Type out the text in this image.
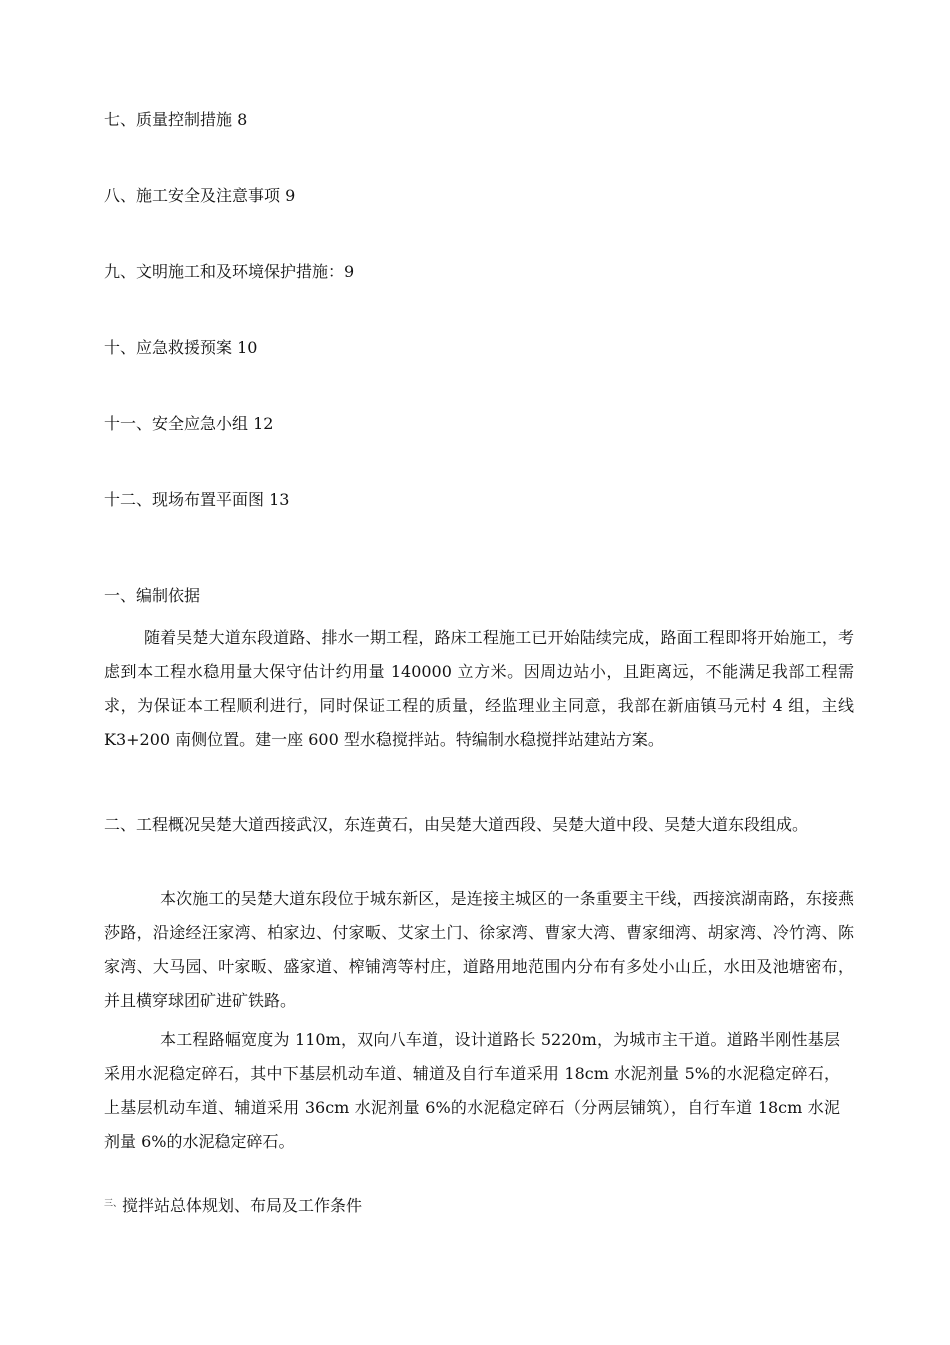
七、质量控制措施 8
八、施工安全及注意事项 9
九、文明施工和及环境保护措施：9
十、应急救援预案 10
十一、安全应急小组 12
十二、现场布置平面图 13
一、编制依据
随着吴楚大道东段道路、排水一期工程，路床工程施工已开始陆续完成，路面工程即将开始施工，考虑到本工程水稳用量大保守估计约用量 140000 立方米。因周边站小，且距离远，不能满足我部工程需求，为保证本工程顺利进行，同时保证工程的质量，经监理业主同意，我部在新庙镇马元村 4 组，主线 K3+200 南侧位置。建一座 600 型水稳搅拌站。特编制水稳搅拌站建站方案。
二、工程概况吴楚大道西接武汉，东连黄石，由吴楚大道西段、吴楚大道中段、吴楚大道东段组成。
本次施工的吴楚大道东段位于城东新区，是连接主城区的一条重要主干线，西接滨湖南路，东接燕莎路，沿途经汪家湾、柏家边、付家畈、艾家土门、徐家湾、曹家大湾、曹家细湾、胡家湾、冷竹湾、陈家湾、大马园、叶家畈、盛家道、榨铺湾等村庄，道路用地范围内分布有多处小山丘，水田及池塘密布，并且横穿球团矿进矿铁路。
本工程路幅宽度为 110m，双向八车道，设计道路长 5220m，为城市主干道。道路半刚性基层采用水泥稳定碎石，其中下基层机动车道、辅道及自行车道采用 18cm 水泥剂量 5%的水泥稳定碎石，上基层机动车道、辅道采用 36cm 水泥剂量 6%的水泥稳定碎石（分两层铺筑），自行车道 18cm 水泥剂量 6%的水泥稳定碎石。
$^{三、}$搅拌站总体规划、布局及工作条件
